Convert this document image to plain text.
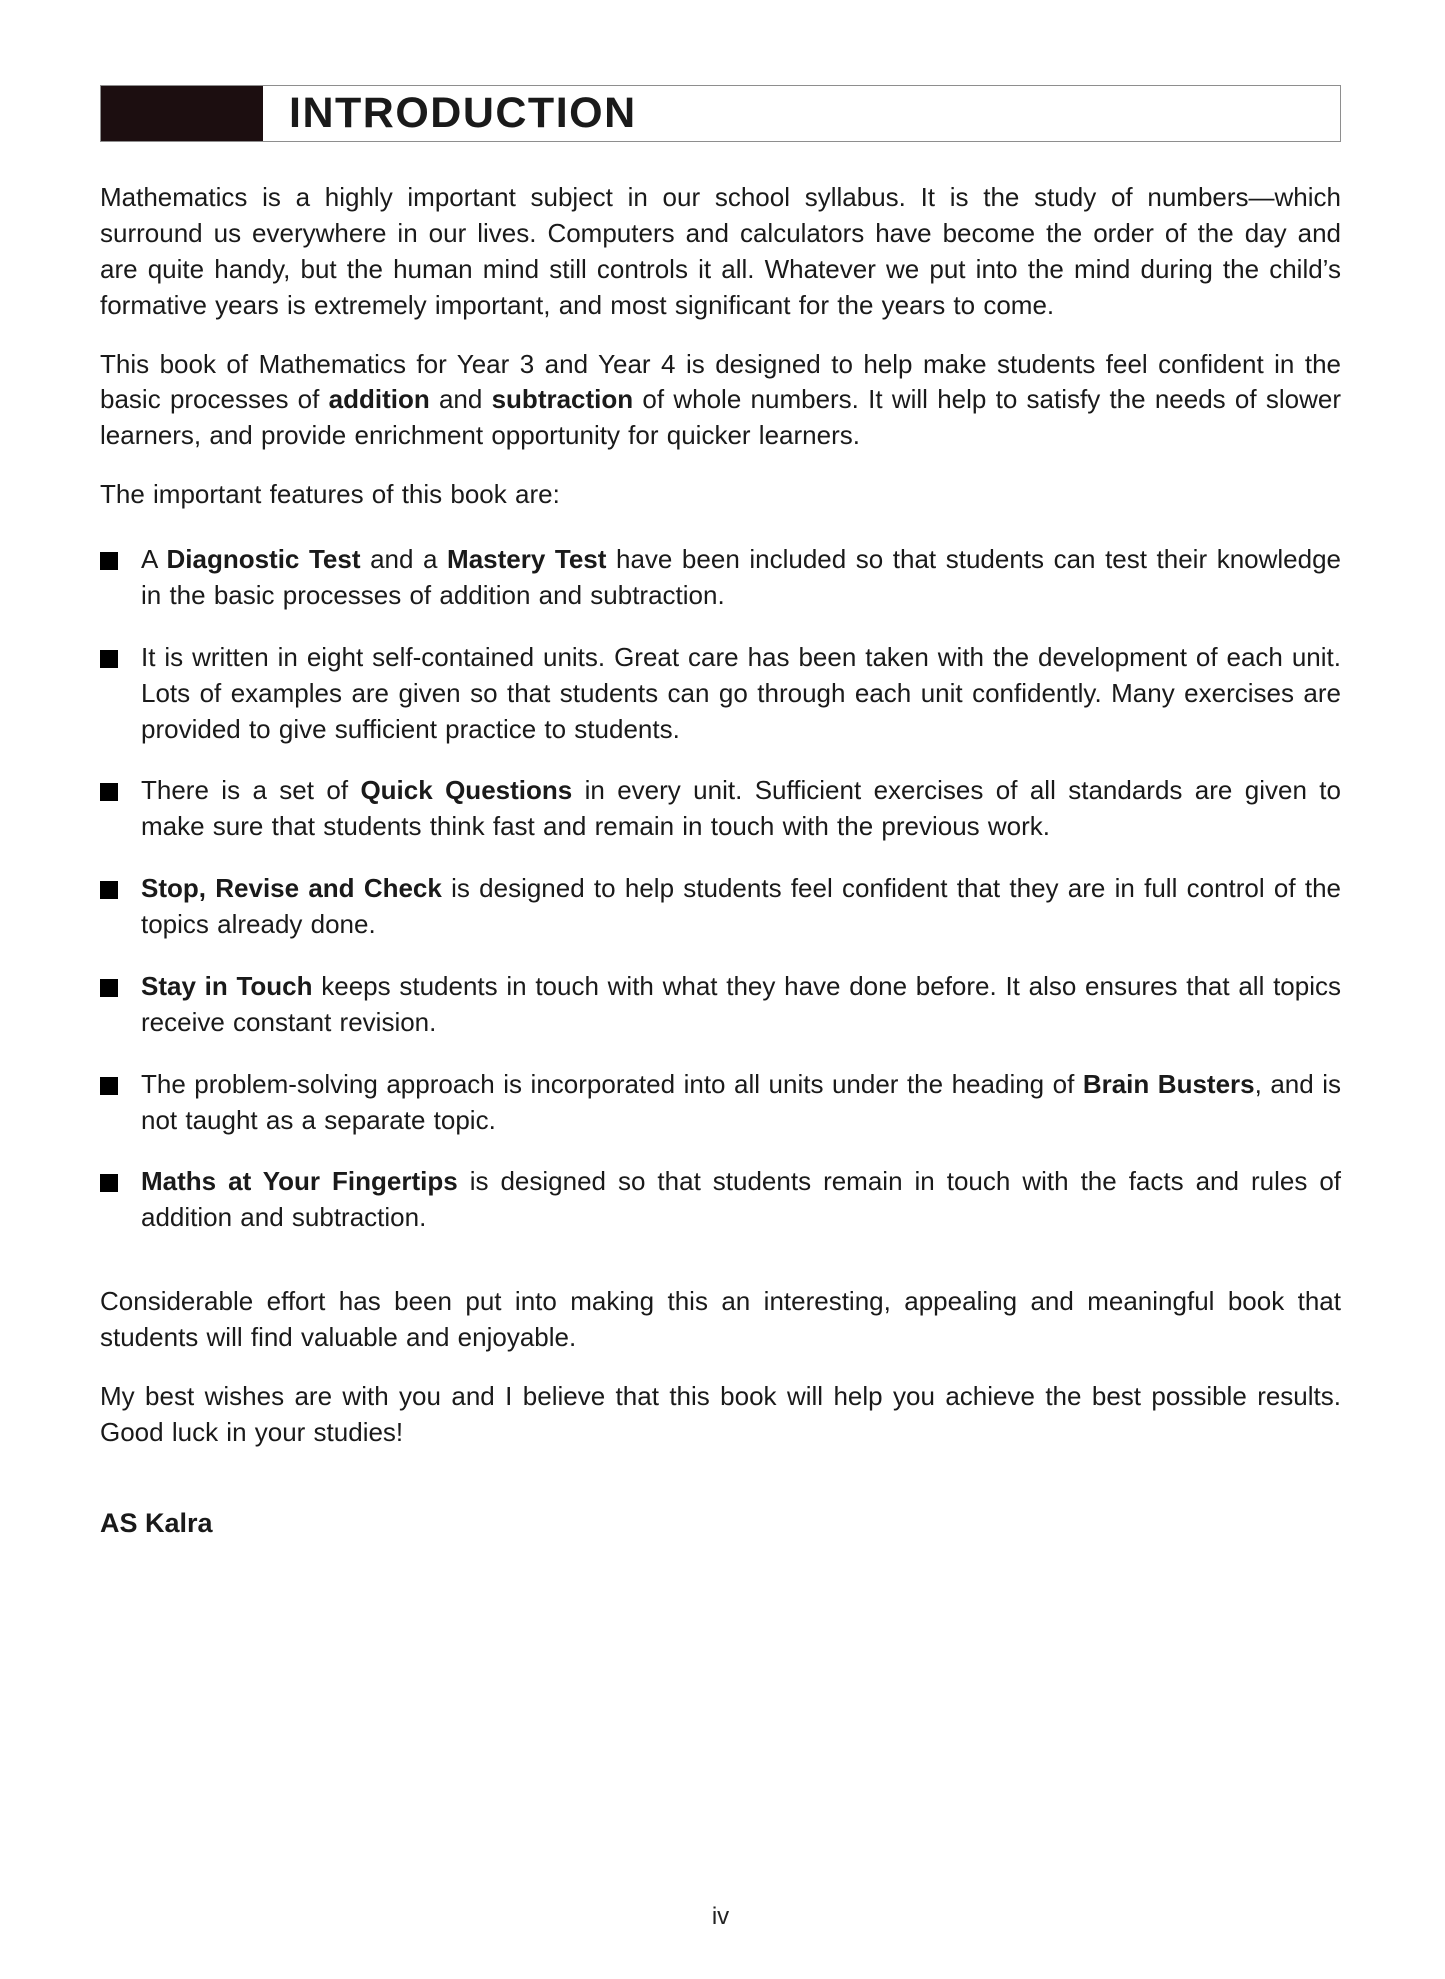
INTRODUCTION

Mathematics is a highly important subject in our school syllabus. It is the study of numbers—which surround us everywhere in our lives. Computers and calculators have become the order of the day and are quite handy, but the human mind still controls it all. Whatever we put into the mind during the child’s formative years is extremely important, and most significant for the years to come.

This book of Mathematics for Year 3 and Year 4 is designed to help make students feel confident in the basic processes of addition and subtraction of whole numbers. It will help to satisfy the needs of slower learners, and provide enrichment opportunity for quicker learners.

The important features of this book are:

A Diagnostic Test and a Mastery Test have been included so that students can test their knowledge in the basic processes of addition and subtraction.

It is written in eight self-contained units. Great care has been taken with the development of each unit. Lots of examples are given so that students can go through each unit confidently. Many exercises are provided to give sufficient practice to students.

There is a set of Quick Questions in every unit. Sufficient exercises of all standards are given to make sure that students think fast and remain in touch with the previous work.

Stop, Revise and Check is designed to help students feel confident that they are in full control of the topics already done.

Stay in Touch keeps students in touch with what they have done before. It also ensures that all topics receive constant revision.

The problem-solving approach is incorporated into all units under the heading of Brain Busters, and is not taught as a separate topic.

Maths at Your Fingertips is designed so that students remain in touch with the facts and rules of addition and subtraction.

Considerable effort has been put into making this an interesting, appealing and meaningful book that students will find valuable and enjoyable.

My best wishes are with you and I believe that this book will help you achieve the best possible results. Good luck in your studies!

AS Kalra

iv
